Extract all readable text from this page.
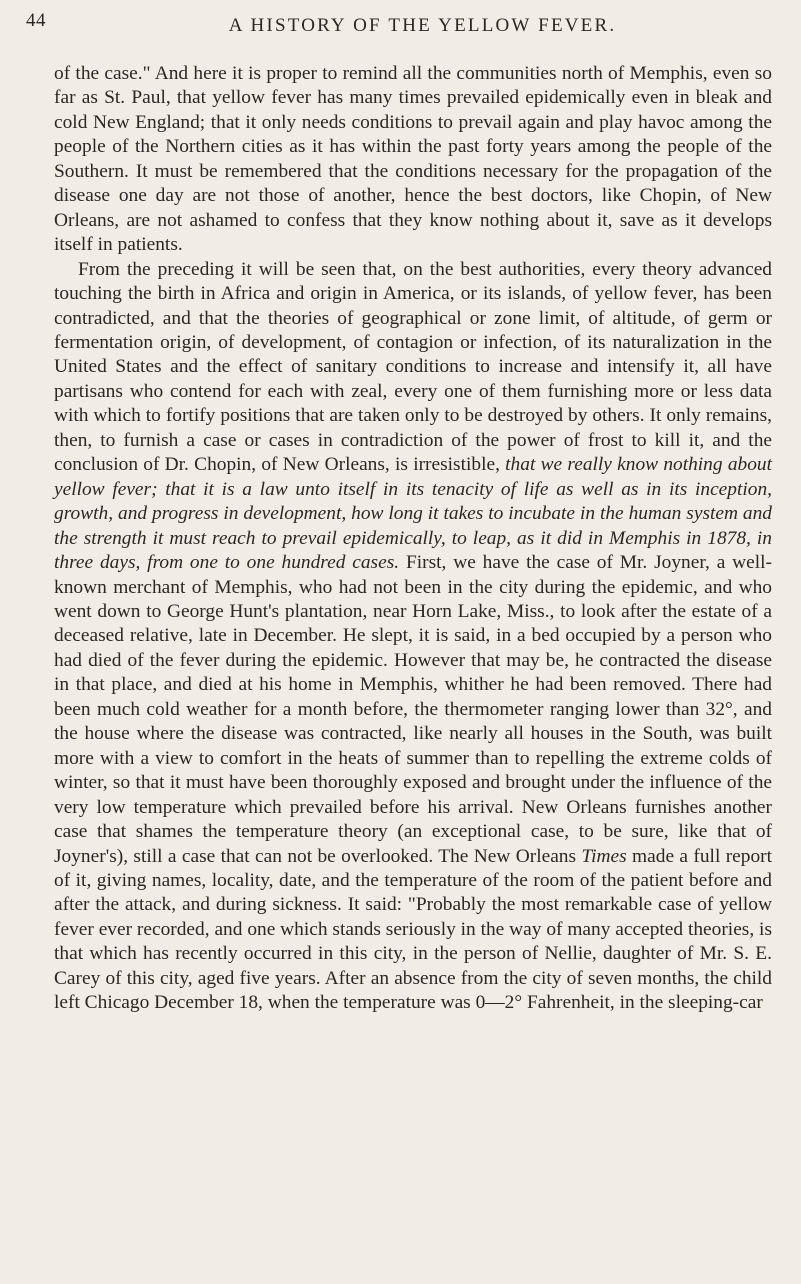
44	A HISTORY OF THE YELLOW FEVER.

of the case." And here it is proper to remind all the communities north of Memphis, even so far as St. Paul, that yellow fever has many times prevailed epidemically even in bleak and cold New England; that it only needs conditions to prevail again and play havoc among the people of the Northern cities as it has within the past forty years among the people of the Southern. It must be remembered that the conditions necessary for the propagation of the disease one day are not those of another, hence the best doctors, like Chopin, of New Orleans, are not ashamed to confess that they know nothing about it, save as it develops itself in patients.

From the preceding it will be seen that, on the best authorities, every theory advanced touching the birth in Africa and origin in America, or its islands, of yellow fever, has been contradicted, and that the theories of geographical or zone limit, of altitude, of germ or fermentation origin, of development, of contagion or infection, of its naturalization in the United States and the effect of sanitary conditions to increase and intensify it, all have partisans who contend for each with zeal, every one of them furnishing more or less data with which to fortify positions that are taken only to be destroyed by others. It only remains, then, to furnish a case or cases in contradiction of the power of frost to kill it, and the conclusion of Dr. Chopin, of New Orleans, is irresistible, that we really know nothing about yellow fever; that it is a law unto itself in its tenacity of life as well as in its inception, growth, and progress in development, how long it takes to incubate in the human system and the strength it must reach to prevail epidemically, to leap, as it did in Memphis in 1878, in three days, from one to one hundred cases. First, we have the case of Mr. Joyner, a well-known merchant of Memphis, who had not been in the city during the epidemic, and who went down to George Hunt's plantation, near Horn Lake, Miss., to look after the estate of a deceased relative, late in December. He slept, it is said, in a bed occupied by a person who had died of the fever during the epidemic. However that may be, he contracted the disease in that place, and died at his home in Memphis, whither he had been removed. There had been much cold weather for a month before, the thermometer ranging lower than 32°, and the house where the disease was contracted, like nearly all houses in the South, was built more with a view to comfort in the heats of summer than to repelling the extreme colds of winter, so that it must have been thoroughly exposed and brought under the influence of the very low temperature which prevailed before his arrival. New Orleans furnishes another case that shames the temperature theory (an exceptional case, to be sure, like that of Joyner's), still a case that can not be overlooked. The New Orleans Times made a full report of it, giving names, locality, date, and the temperature of the room of the patient before and after the attack, and during sickness. It said: "Probably the most remarkable case of yellow fever ever recorded, and one which stands seriously in the way of many accepted theories, is that which has recently occurred in this city, in the person of Nellie, daughter of Mr. S. E. Carey of this city, aged five years. After an absence from the city of seven months, the child left Chicago December 18, when the temperature was 0—2° Fahrenheit, in the sleeping-car
